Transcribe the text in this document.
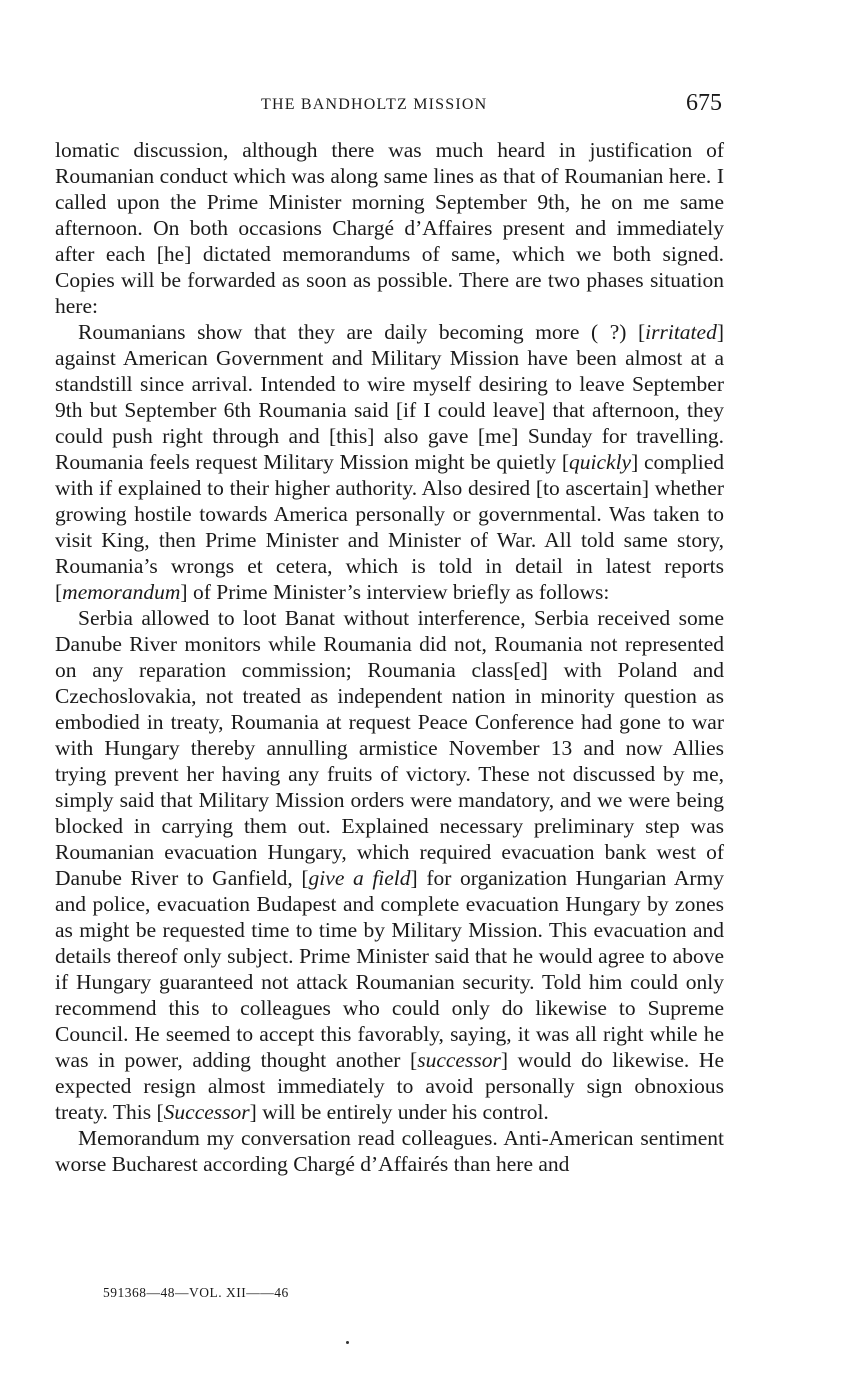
THE BANDHOLTZ MISSION	675

lomatic discussion, although there was much heard in justification of Roumanian conduct which was along same lines as that of Roumanian here. I called upon the Prime Minister morning September 9th, he on me same afternoon. On both occasions Chargé d’Affaires present and immediately after each [he] dictated memorandums of same, which we both signed. Copies will be forwarded as soon as possible. There are two phases situation here:

Roumanians show that they are daily becoming more ( ?) [irritated] against American Government and Military Mission have been almost at a standstill since arrival. Intended to wire myself desiring to leave September 9th but September 6th Roumania said [if I could leave] that afternoon, they could push right through and [this] also gave [me] Sunday for travelling. Roumania feels request Military Mission might be quietly [quickly] complied with if explained to their higher authority. Also desired [to ascertain] whether growing hostile towards America personally or governmental. Was taken to visit King, then Prime Minister and Minister of War. All told same story, Roumania’s wrongs et cetera, which is told in detail in latest reports [memorandum] of Prime Minister’s interview briefly as follows:

Serbia allowed to loot Banat without interference, Serbia received some Danube River monitors while Roumania did not, Roumania not represented on any reparation commission; Roumania class[ed] with Poland and Czechoslovakia, not treated as independent nation in minority question as embodied in treaty, Roumania at request Peace Conference had gone to war with Hungary thereby annulling armistice November 13 and now Allies trying prevent her having any fruits of victory. These not discussed by me, simply said that Military Mission orders were mandatory, and we were being blocked in carrying them out. Explained necessary preliminary step was Roumanian evacuation Hungary, which required evacuation bank west of Danube River to Ganfield, [give a field] for organization Hungarian Army and police, evacuation Budapest and complete evacuation Hungary by zones as might be requested time to time by Military Mission. This evacuation and details thereof only subject. Prime Minister said that he would agree to above if Hungary guaranteed not attack Roumanian security. Told him could only recommend this to colleagues who could only do likewise to Supreme Council. He seemed to accept this favorably, saying, it was all right while he was in power, adding thought another [successor] would do likewise. He expected resign almost immediately to avoid personally sign obnoxious treaty. This [Successor] will be entirely under his control.

Memorandum my conversation read colleagues. Anti-American sentiment worse Bucharest according Chargé d’Affairés than here and

591368—48—VOL. XII——46
